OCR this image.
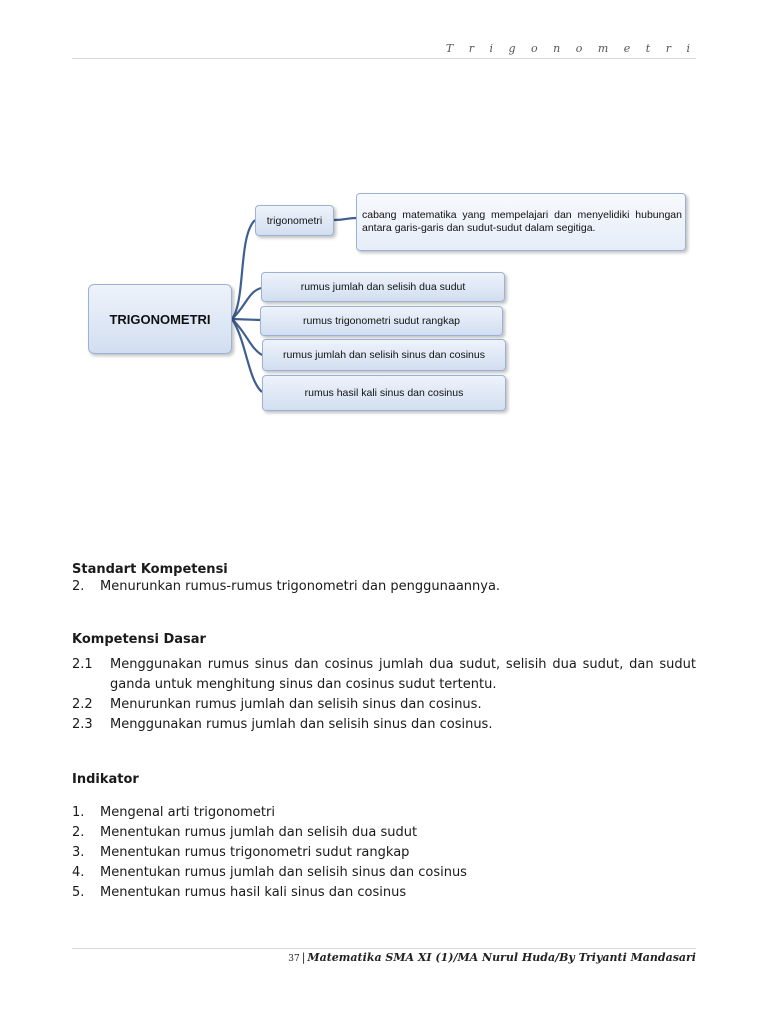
T r i g o n o m e t r i
TRIGONOMETRI
trigonometri	cabang matematika yang mempelajari dan menyelidiki hubungan antara garis-garis dan sudut-sudut dalam segitiga.
rumus jumlah dan selisih dua sudut
rumus trigonometri sudut rangkap
rumus jumlah dan selisih sinus dan cosinus
rumus hasil kali sinus dan cosinus
Standart Kompetensi
2.	Menurunkan rumus-rumus trigonometri dan penggunaannya.
Kompetensi Dasar
2.1	Menggunakan rumus sinus dan cosinus jumlah dua sudut, selisih dua sudut, dan sudut ganda untuk menghitung sinus dan cosinus sudut tertentu.
2.2	Menurunkan rumus jumlah dan selisih sinus dan cosinus.
2.3	Menggunakan rumus jumlah dan selisih sinus dan cosinus.
Indikator
1.	Mengenal arti trigonometri
2.	Menentukan rumus jumlah dan selisih dua sudut
3.	Menentukan rumus trigonometri sudut rangkap
4.	Menentukan rumus jumlah dan selisih sinus dan cosinus
5.	Menentukan rumus hasil kali sinus dan cosinus
37 | Matematika SMA XI (1)/MA Nurul Huda/By Triyanti Mandasari
